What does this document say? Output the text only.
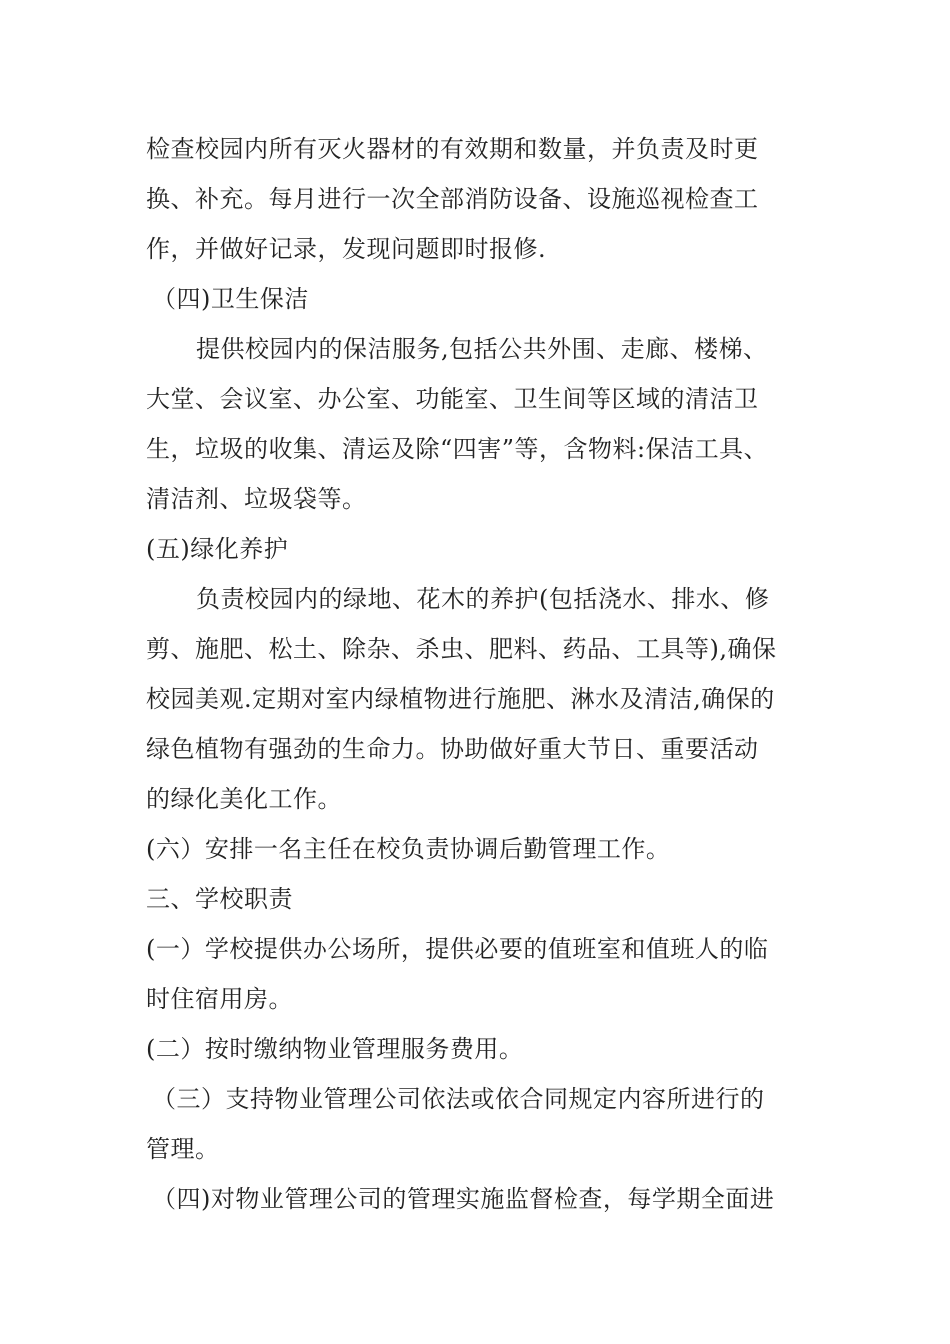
检查校园内所有灭火器材的有效期和数量，并负责及时更
换、补充。每月进行一次全部消防设备、设施巡视检查工
作，并做好记录，发现问题即时报修.
（四)卫生保洁
提供校园内的保洁服务,包括公共外围、走廊、楼梯、
大堂、会议室、办公室、功能室、卫生间等区域的清洁卫
生，垃圾的收集、清运及除“四害”等，含物料:保洁工具、
清洁剂、垃圾袋等。
(五)绿化养护
负责校园内的绿地、花木的养护(包括浇水、排水、修
剪、施肥、松土、除杂、杀虫、肥料、药品、工具等),确保
校园美观.定期对室内绿植物进行施肥、淋水及清洁,确保的
绿色植物有强劲的生命力。协助做好重大节日、重要活动
的绿化美化工作。
(六）安排一名主任在校负责协调后勤管理工作。
三、学校职责
(一）学校提供办公场所，提供必要的值班室和值班人的临
时住宿用房。
(二）按时缴纳物业管理服务费用。
（三）支持物业管理公司依法或依合同规定内容所进行的
管理。
（四)对物业管理公司的管理实施监督检查，每学期全面进
